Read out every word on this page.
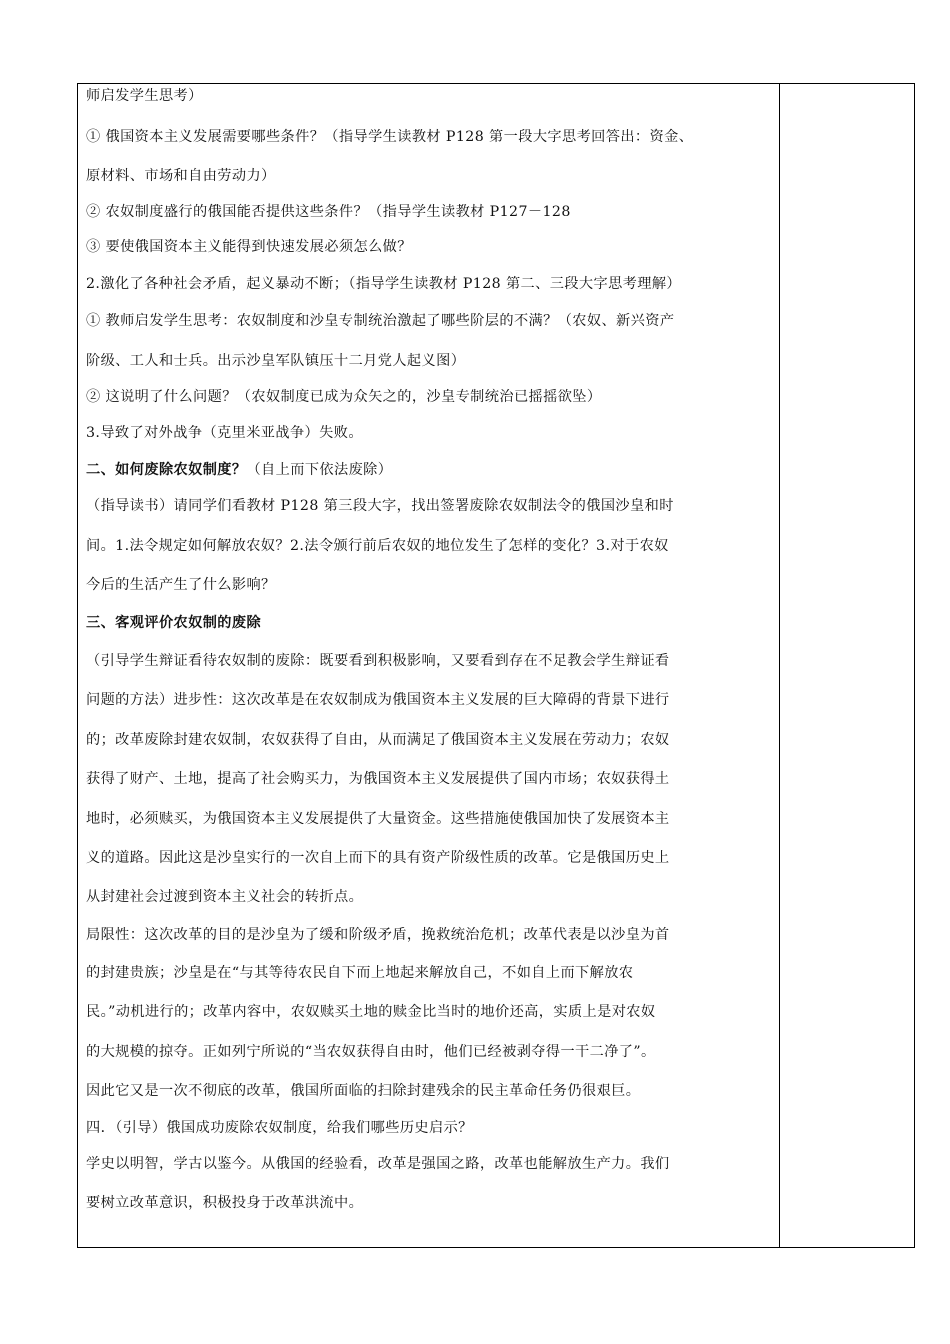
师启发学生思考）
① 俄国资本主义发展需要哪些条件？（指导学生读教材 P128 第一段大字思考回答出：资金、
原材料、市场和自由劳动力）
② 农奴制度盛行的俄国能否提供这些条件？（指导学生读教材 P127－128
③ 要使俄国资本主义能得到快速发展必须怎么做？
2.激化了各种社会矛盾，起义暴动不断；（指导学生读教材 P128 第二、三段大字思考理解）
① 教师启发学生思考：农奴制度和沙皇专制统治激起了哪些阶层的不满？（农奴、新兴资产
阶级、工人和士兵。出示沙皇军队镇压十二月党人起义图）
② 这说明了什么问题？（农奴制度已成为众矢之的，沙皇专制统治已摇摇欲坠）
3.导致了对外战争（克里米亚战争）失败。
二、如何废除农奴制度？（自上而下依法废除）
（指导读书）请同学们看教材 P128 第三段大字，找出签署废除农奴制法令的俄国沙皇和时
间。1.法令规定如何解放农奴？2.法令颁行前后农奴的地位发生了怎样的变化？3.对于农奴
今后的生活产生了什么影响？
三、客观评价农奴制的废除
（引导学生辩证看待农奴制的废除：既要看到积极影响，又要看到存在不足教会学生辩证看
问题的方法）进步性：这次改革是在农奴制成为俄国资本主义发展的巨大障碍的背景下进行
的；改革废除封建农奴制，农奴获得了自由，从而满足了俄国资本主义发展在劳动力；农奴
获得了财产、土地，提高了社会购买力，为俄国资本主义发展提供了国内市场；农奴获得土
地时，必须赎买，为俄国资本主义发展提供了大量资金。这些措施使俄国加快了发展资本主
义的道路。因此这是沙皇实行的一次自上而下的具有资产阶级性质的改革。它是俄国历史上
从封建社会过渡到资本主义社会的转折点。
局限性：这次改革的目的是沙皇为了缓和阶级矛盾，挽救统治危机；改革代表是以沙皇为首
的封建贵族；沙皇是在“与其等待农民自下而上地起来解放自己，不如自上而下解放农
民。”动机进行的；改革内容中，农奴赎买土地的赎金比当时的地价还高，实质上是对农奴
的大规模的掠夺。正如列宁所说的“当农奴获得自由时，他们已经被剥夺得一干二净了”。
因此它又是一次不彻底的改革，俄国所面临的扫除封建残余的民主革命任务仍很艰巨。
四．（引导）俄国成功废除农奴制度，给我们哪些历史启示？
学史以明智，学古以鉴今。从俄国的经验看，改革是强国之路，改革也能解放生产力。我们
要树立改革意识，积极投身于改革洪流中。
